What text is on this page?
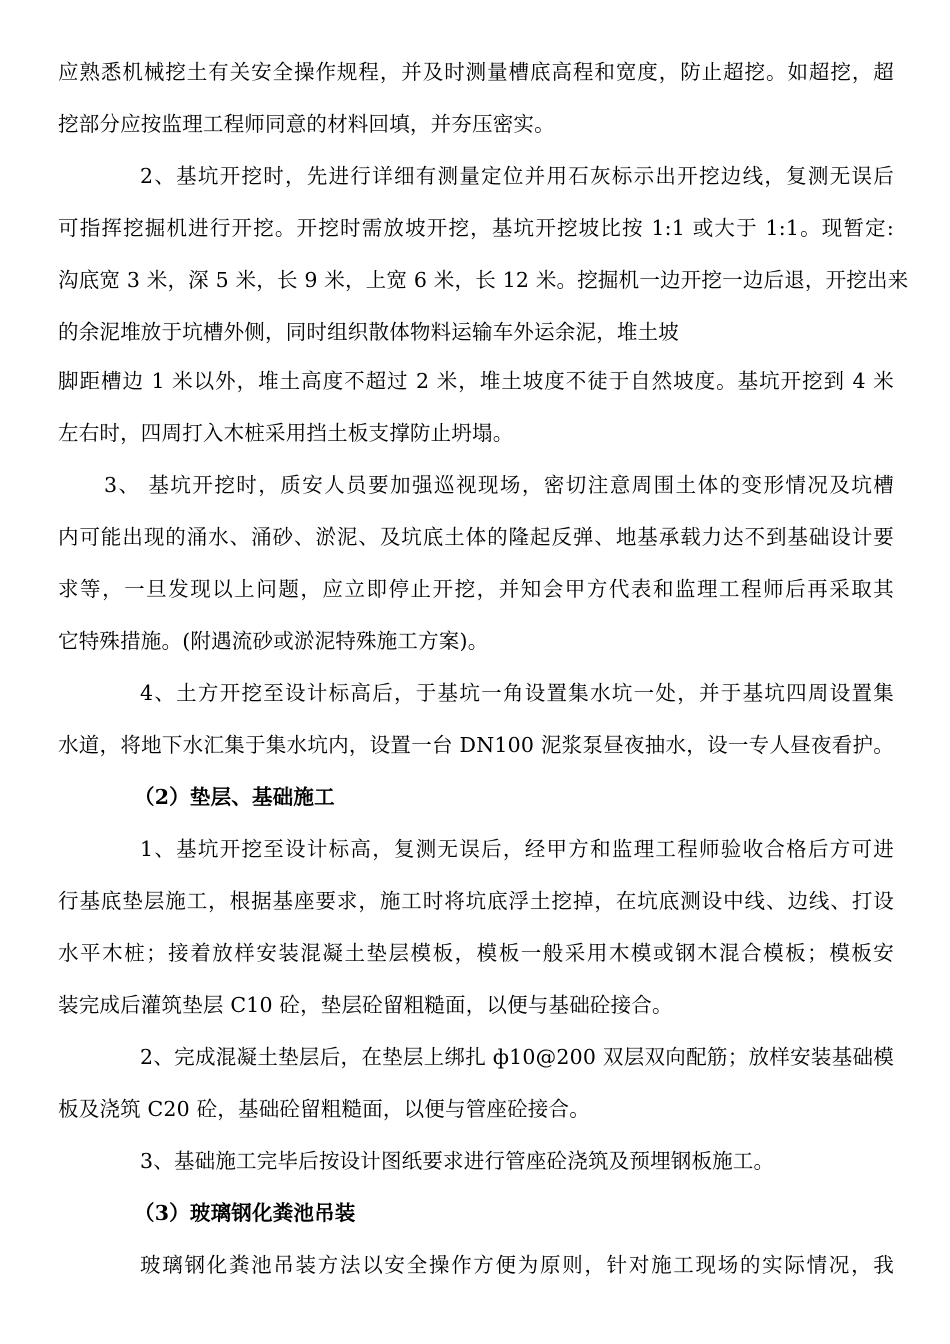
应熟悉机械挖土有关安全操作规程，并及时测量槽底高程和宽度，防止超挖。如超挖，超
挖部分应按监理工程师同意的材料回填，并夯压密实。
2、基坑开挖时，先进行详细有测量定位并用石灰标示出开挖边线，复测无误后
可指挥挖掘机进行开挖。开挖时需放坡开挖，基坑开挖坡比按 1:1 或大于 1:1。现暂定:
沟底宽 3 米，深 5 米，长 9 米，上宽 6 米，长 12 米。挖掘机一边开挖一边后退，开挖出来
的余泥堆放于坑槽外侧，同时组织散体物料运输车外运余泥，堆土坡
脚距槽边 1 米以外，堆土高度不超过 2 米，堆土坡度不徒于自然坡度。基坑开挖到 4 米
左右时，四周打入木桩采用挡土板支撑防止坍塌。
3、 基坑开挖时，质安人员要加强巡视现场，密切注意周围土体的变形情况及坑槽
内可能出现的涌水、涌砂、淤泥、及坑底土体的隆起反弹、地基承载力达不到基础设计要
求等，一旦发现以上问题，应立即停止开挖，并知会甲方代表和监理工程师后再采取其
它特殊措施。(附遇流砂或淤泥特殊施工方案)。
4、土方开挖至设计标高后，于基坑一角设置集水坑一处，并于基坑四周设置集
水道，将地下水汇集于集水坑内，设置一台 DN100 泥浆泵昼夜抽水，设一专人昼夜看护。
（2）垫层、基础施工
1、基坑开挖至设计标高，复测无误后，经甲方和监理工程师验收合格后方可进
行基底垫层施工，根据基座要求，施工时将坑底浮土挖掉，在坑底测设中线、边线、打设
水平木桩；接着放样安装混凝土垫层模板，模板一般采用木模或钢木混合模板；模板安
装完成后灌筑垫层 C10 砼，垫层砼留粗糙面，以便与基础砼接合。
2、完成混凝土垫层后，在垫层上绑扎 ф10@200 双层双向配筋；放样安装基础模
板及浇筑 C20 砼，基础砼留粗糙面，以便与管座砼接合。
3、基础施工完毕后按设计图纸要求进行管座砼浇筑及预埋钢板施工。
（3）玻璃钢化粪池吊装
玻璃钢化粪池吊装方法以安全操作方便为原则，针对施工现场的实际情况，我
